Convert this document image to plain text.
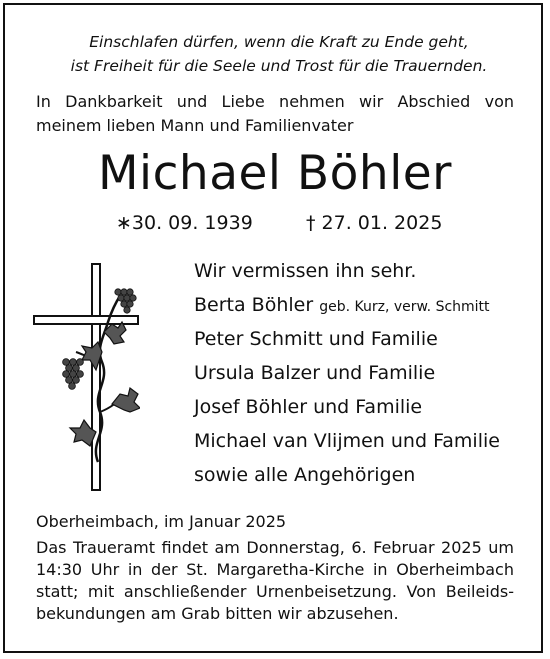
Einschlafen dürfen, wenn die Kraft zu Ende geht,
ist Freiheit für die Seele und Trost für die Trauernden.
In Dankbarkeit und Liebe nehmen wir Abschied von
meinem lieben Mann und Familienvater
Michael Böhler
∗30. 09. 1939	† 27. 01. 2025
Wir vermissen ihn sehr.
Berta Böhler geb. Kurz, verw. Schmitt
Peter Schmitt und Familie
Ursula Balzer und Familie
Josef Böhler und Familie
Michael van Vlijmen und Familie
sowie alle Angehörigen
Oberheimbach, im Januar 2025
Das Traueramt findet am Donnerstag, 6. Februar 2025 um
14:30 Uhr in der St. Margaretha-Kirche in Oberheimbach
statt; mit anschließender Urnenbeisetzung. Von Beileids-
bekundungen am Grab bitten wir abzusehen.
